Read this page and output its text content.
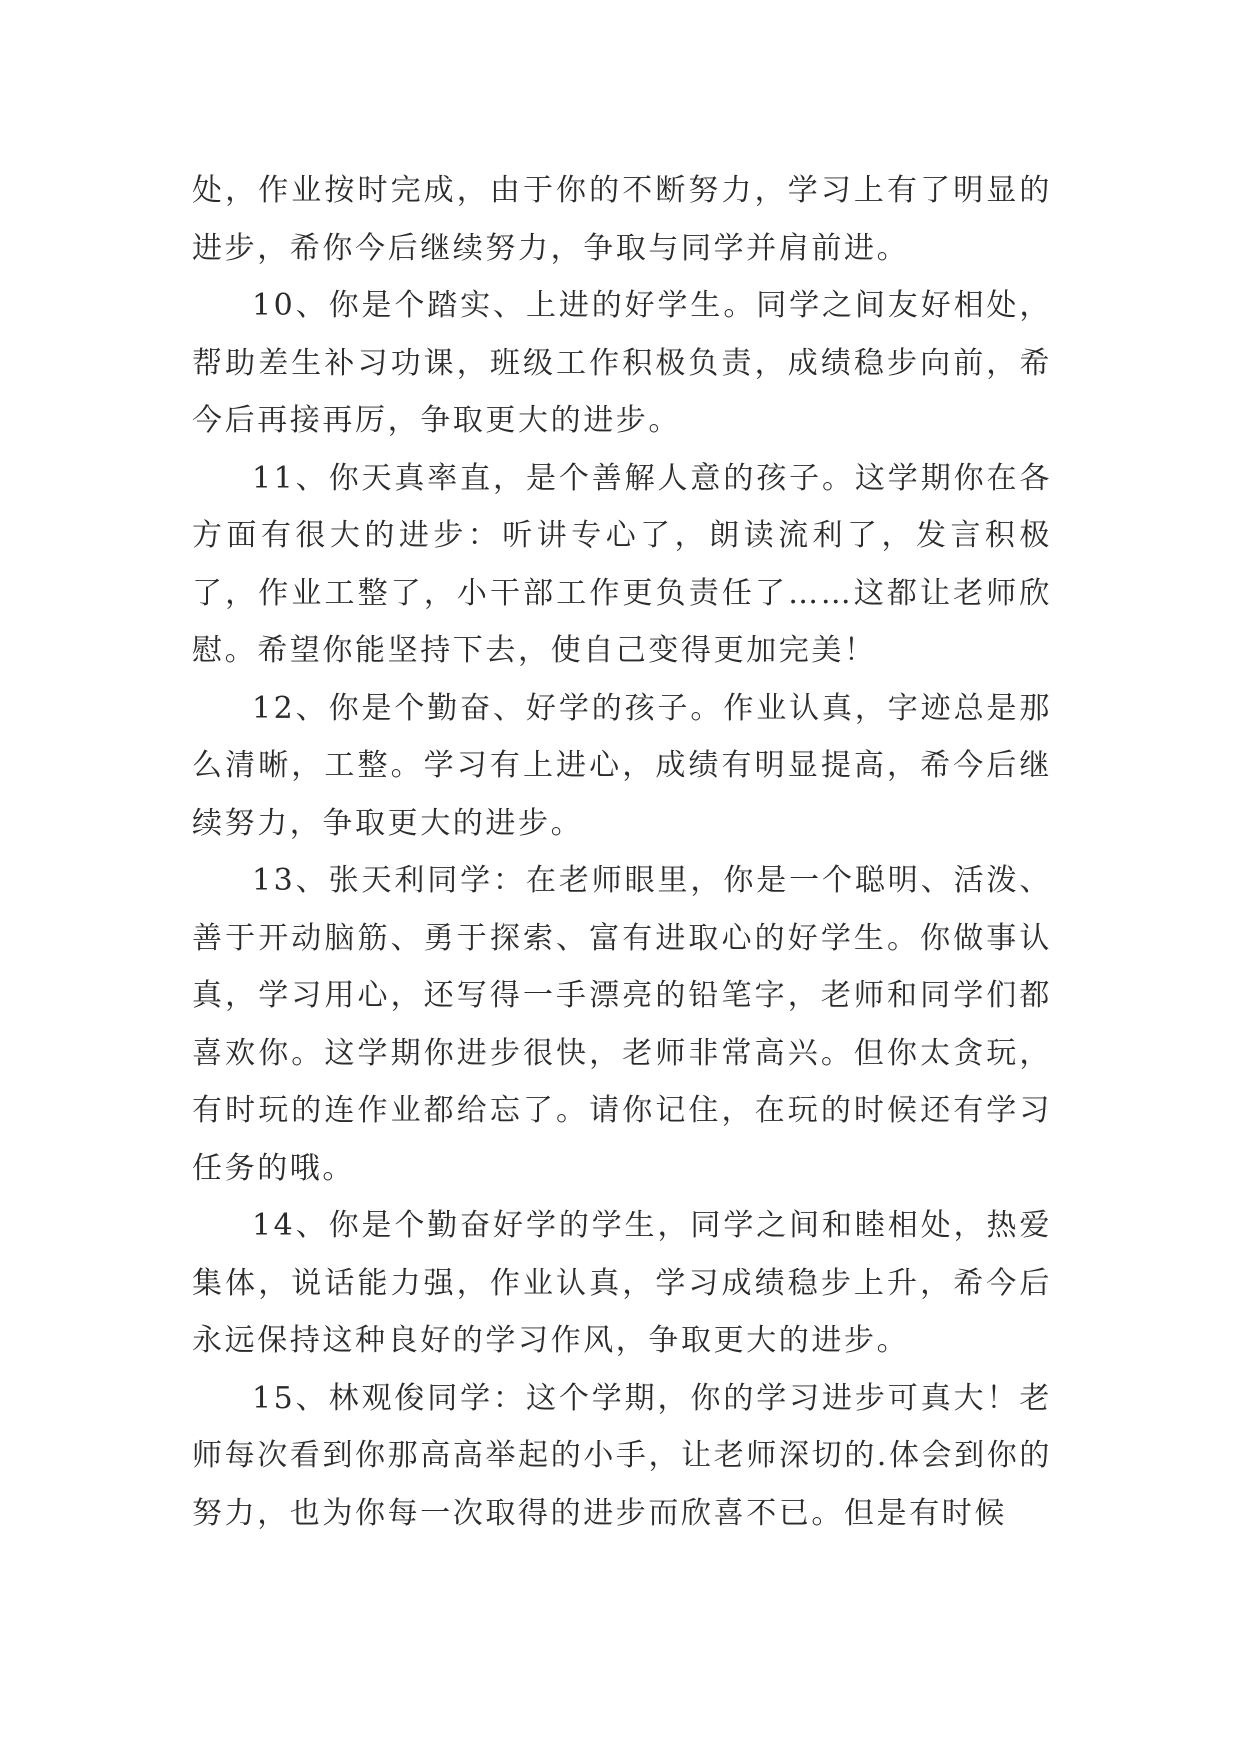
处，作业按时完成，由于你的不断努力，学习上有了明显的进步，希你今后继续努力，争取与同学并肩前进。

10、你是个踏实、上进的好学生。同学之间友好相处，帮助差生补习功课，班级工作积极负责，成绩稳步向前，希今后再接再厉，争取更大的进步。

11、你天真率直，是个善解人意的孩子。这学期你在各方面有很大的进步：听讲专心了，朗读流利了，发言积极了，作业工整了，小干部工作更负责任了……这都让老师欣慰。希望你能坚持下去，使自己变得更加完美！

12、你是个勤奋、好学的孩子。作业认真，字迹总是那么清晰，工整。学习有上进心，成绩有明显提高，希今后继续努力，争取更大的进步。

13、张天利同学：在老师眼里，你是一个聪明、活泼、善于开动脑筋、勇于探索、富有进取心的好学生。你做事认真，学习用心，还写得一手漂亮的铅笔字，老师和同学们都喜欢你。这学期你进步很快，老师非常高兴。但你太贪玩，有时玩的连作业都给忘了。请你记住，在玩的时候还有学习任务的哦。

14、你是个勤奋好学的学生，同学之间和睦相处，热爱集体，说话能力强，作业认真，学习成绩稳步上升，希今后永远保持这种良好的学习作风，争取更大的进步。

15、林观俊同学：这个学期，你的学习进步可真大！老师每次看到你那高高举起的小手，让老师深切的.体会到你的努力，也为你每一次取得的进步而欣喜不已。但是有时候
